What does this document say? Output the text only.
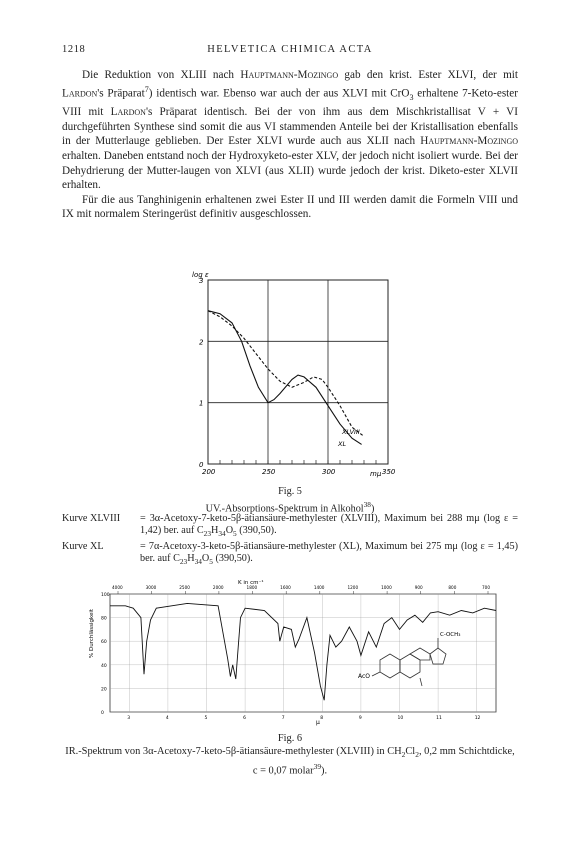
1218	HELVETICA CHIMICA ACTA

Die Reduktion von XLIII nach Hauptmann-Mozingo gab den krist. Ester XLVI, der mit Lardon's Präparat$^7$) identisch war. Ebenso war auch der aus XLVI mit CrO$_3$ erhaltene 7-Keto-ester VIII mit Lardon's Präparat identisch. Bei der von ihm aus dem Mischkristallisat V + VI durchgeführten Synthese sind somit die aus VI stammenden Anteile bei der Kristallisation ebenfalls in der Mutterlauge geblieben. Der Ester XLVI wurde auch aus XLII nach Hauptmann-Mozingo erhalten. Daneben entstand noch der Hydroxyketo-ester XLV, der jedoch nicht isoliert wurde. Bei der Dehydrierung der Mutter-laugen von XLVI (aus XLII) wurde jedoch der krist. Diketo-ester XLVII erhalten.

Für die aus Tanghinigenin erhaltenen zwei Ester II und III werden damit die Formeln VIII und IX mit normalem Steringerüst definitiv ausgeschlossen.

200	250	300	350
0
1
2
3
log ε
mμ
XLVIII
XL
Fig. 5
UV.-Absorptions-Spektrum in Alkohol$^{38}$)
Kurve XLVIII = 3α-Acetoxy-7-keto-5β-ätiansäure-methylester (XLVIII), Maximum bei 288 mμ (log ε = 1,42) ber. auf $C_{23}H_{34}O_5$ (390,50).
Kurve XL	= 7α-Acetoxy-3-keto-5β-ätiansäure-methylester (XL), Maximum bei 275 mμ (log ε = 1,45) ber. auf $C_{23}H_{34}O_5$ (390,50).
0
20
40
60
80
100
3	4	5	6	7	8	9	10	11	12
4000	3000	2500	2000	1800	1600	1400	1200	1000	900	800	700
K in cm⁻¹
% Durchlässigkeit
μ
AcO
C-OCH₃
Fig. 6
IR.-Spektrum von 3α-Acetoxy-7-keto-5β-ätiansäure-methylester (XLVIII) in $CH_2Cl_2$, 0,2 mm Schichtdicke, c = 0,07 molar$^{39}$).
